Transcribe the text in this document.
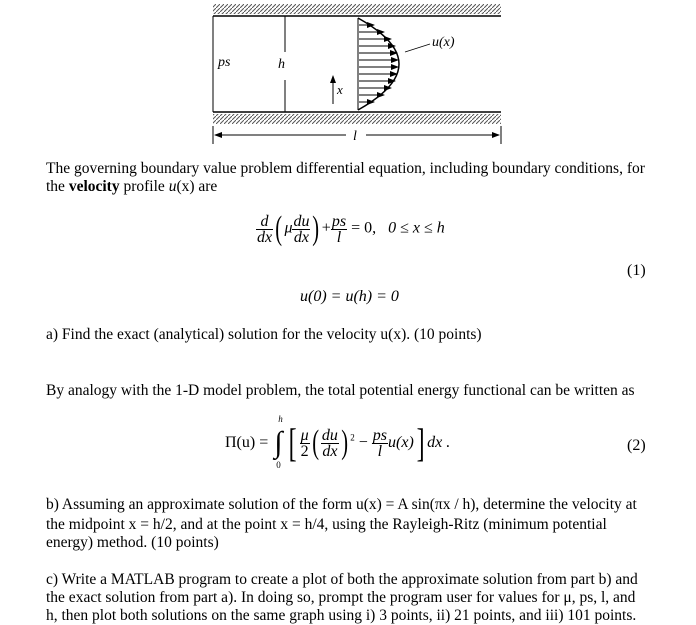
ps	h
x
u(x)
l
The governing boundary value problem differential equation, including boundary conditions, for
the velocity profile u(x) are
$\frac{d}{dx}$ ( μ $\frac{du}{dx}$ ) + $\frac{ps}{l} = 0$, 0 ≤ x ≤ h
(1)
u(0) = u(h) = 0
a) Find the exact (analytical) solution for the velocity u(x). (10 points)
By analogy with the 1-D model problem, the total potential energy functional can be written as
Π(u) = ∫
h
0 [ $\frac{\mu}{2}$ ( $\frac{du}{dx}$ ) $^2 - \frac{ps}{l} u(x)$] dx .	(2)
b) Assuming an approximate solution of the form u(x) = A sin(πx / h), determine the velocity at
the midpoint x = h/2, and at the point x = h/4, using the Rayleigh-Ritz (minimum potential
energy) method. (10 points)
c) Write a MATLAB program to create a plot of both the approximate solution from part b) and
the exact solution from part a). In doing so, prompt the program user for values for μ, ps, l, and
h, then plot both solutions on the same graph using i) 3 points, ii) 21 points, and iii) 101 points.
